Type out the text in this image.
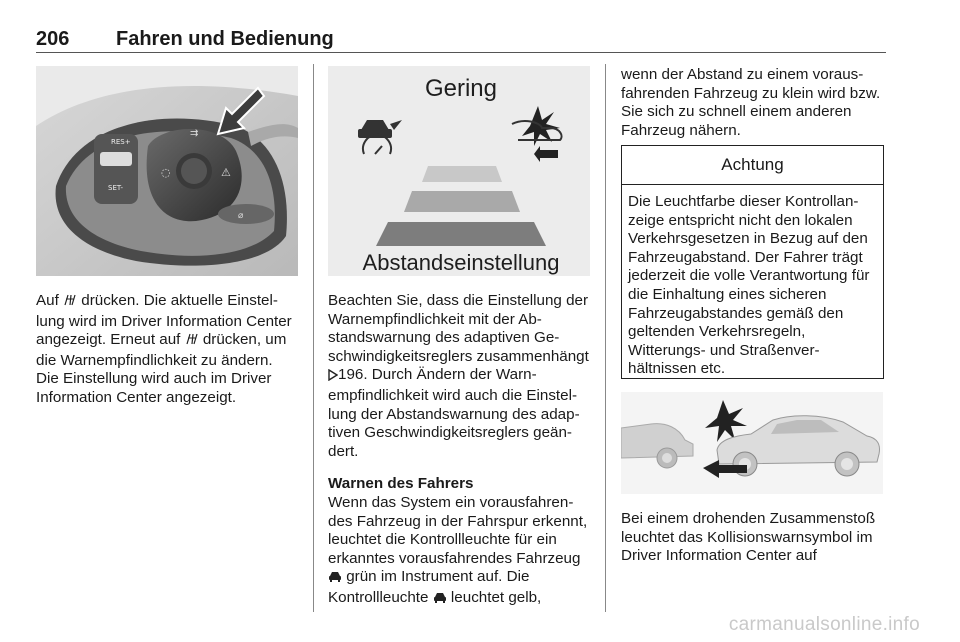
206 Fahren und Bedienung
RES+
SET-
⇉
◌	⚠
⌀

Auf  drücken. Die aktuelle Einstellung wird im Driver Information Center angezeigt. Erneut auf  drücken, um die Warnempfindlichkeit zu ändern. Die Einstellung wird auch im Driver Information Center angezeigt.

Gering
Abstandseinstellung

Beachten Sie, dass die Einstellung der Warnempfindlichkeit mit der Abstandswarnung des adaptiven Geschwindigkeitsreglers zusammenhängt 196. Durch Ändern der Warnempfindlichkeit wird auch die Einstellung der Abstandswarnung des adaptiven Geschwindigkeitsreglers geändert.

Warnen des Fahrers
Wenn das System ein vorausfahrendes Fahrzeug in der Fahrspur erkennt, leuchtet die Kontrollleuchte für ein erkanntes vorausfahrendes Fahrzeug  grün im Instrument auf. Die Kontrollleuchte  leuchtet gelb,

wenn der Abstand zu einem vorausfahrenden Fahrzeug zu klein wird bzw. Sie sich zu schnell einem anderen Fahrzeug nähern.

Achtung
Die Leuchtfarbe dieser Kontrollanzeige entspricht nicht den lokalen Verkehrsgesetzen in Bezug auf den Fahrzeugabstand. Der Fahrer trägt jederzeit die volle Verantwortung für die Einhaltung eines sicheren Fahrzeugabstandes gemäß den geltenden Verkehrsregeln, Witterungs- und Straßenverhältnissen etc.

Bei einem drohenden Zusammenstoß leuchtet das Kollisionswarnsymbol im Driver Information Center auf

carmanualsonline.info
